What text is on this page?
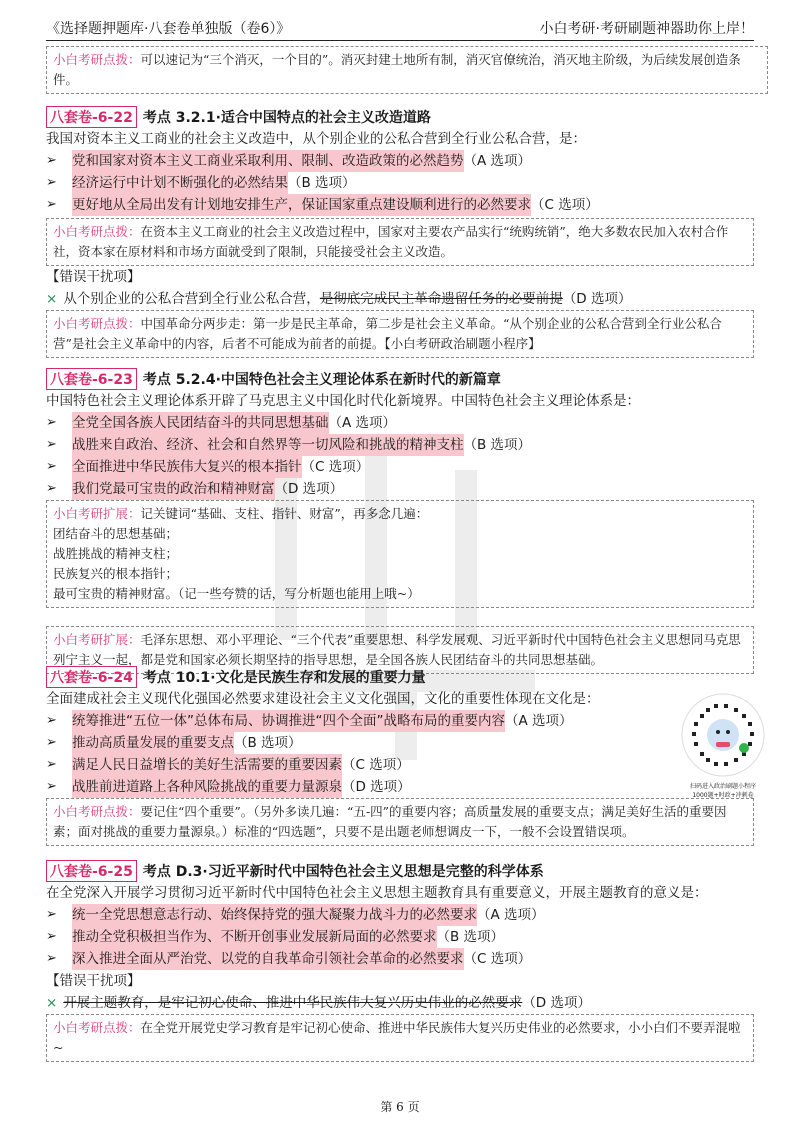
《选择题押题库·八套卷单独版（卷6）》	小白考研·考研刷题神器助你上岸！
小白考研点拨：可以速记为“三个消灭，一个目的”。消灭封建土地所有制，消灭官僚统治，消灭地主阶级，为后续发展创造条件。
八套卷-6-22 考点 3.2.1·适合中国特点的社会主义改造道路
我国对资本主义工商业的社会主义改造中，从个别企业的公私合营到全行业公私合营，是：
➢	党和国家对资本主义工商业采取利用、限制、改造政策的必然趋势 （A 选项）
➢	经济运行中计划不断强化的必然结果 （B 选项）
➢	更好地从全局出发有计划地安排生产，保证国家重点建设顺利进行的必然要求 （C 选项）
小白考研点拨：在资本主义工商业的社会主义改造过程中，国家对主要农产品实行“统购统销”，绝大多数农民加入农村合作社，资本家在原材料和市场方面就受到了限制，只能接受社会主义改造。
【错误干扰项】
× 从个别企业的公私合营到全行业公私合营，是彻底完成民主革命遗留任务的必要前提（D 选项）
小白考研点拨：中国革命分两步走：第一步是民主革命，第二步是社会主义革命。“从个别企业的公私合营到全行业公私合营”是社会主义革命中的内容，后者不可能成为前者的前提。【小白考研政治刷题小程序】
八套卷-6-23 考点 5.2.4·中国特色社会主义理论体系在新时代的新篇章
中国特色社会主义理论体系开辟了马克思主义中国化时代化新境界。中国特色社会主义理论体系是：
➢	全党全国各族人民团结奋斗的共同思想基础 （A 选项）
➢	战胜来自政治、经济、社会和自然界等一切风险和挑战的精神支柱 （B 选项）
➢	全面推进中华民族伟大复兴的根本指针 （C 选项）
➢	我们党最可宝贵的政治和精神财富 （D 选项）
小白考研扩展：记关键词“基础、支柱、指针、财富”，再多念几遍：
团结奋斗的思想基础；
战胜挑战的精神支柱；
民族复兴的根本指针；
最可宝贵的精神财富。（记一些夸赞的话，写分析题也能用上哦~）
小白考研扩展：毛泽东思想、邓小平理论、“三个代表”重要思想、科学发展观、习近平新时代中国特色社会主义思想同马克思列宁主义一起，都是党和国家必须长期坚持的指导思想，是全国各族人民团结奋斗的共同思想基础。
八套卷-6-24 考点 10.1·文化是民族生存和发展的重要力量
全面建成社会主义现代化强国必然要求建设社会主义文化强国，文化的重要性体现在文化是：
➢	统筹推进“五位一体”总体布局、协调推进“四个全面”战略布局的重要内容 （A 选项）
➢	推动高质量发展的重要支点 （B 选项）
➢	满足人民日益增长的美好生活需要的重要因素 （C 选项）
➢	战胜前进道路上各种风险挑战的重要力量源泉 （D 选项）
小白考研点拨：要记住“四个重要”。（另外多读几遍：“五-四”的重要内容；高质量发展的重要支点；满足美好生活的重要因素；面对挑战的重要力量源泉。）标准的“四选题”，只要不是出题老师想调皮一下，一般不会设置错误项。
扫码进入政治刷题小程序
1000题+时政+冲刺卷
八套卷-6-25 考点 D.3·习近平新时代中国特色社会主义思想是完整的科学体系
在全党深入开展学习贯彻习近平新时代中国特色社会主义思想主题教育具有重要意义，开展主题教育的意义是：
➢	统一全党思想意志行动、始终保持党的强大凝聚力战斗力的必然要求 （A 选项）
➢	推动全党积极担当作为、不断开创事业发展新局面的必然要求 （B 选项）
➢	深入推进全面从严治党、以党的自我革命引领社会革命的必然要求 （C 选项）
【错误干扰项】
× 开展主题教育，是牢记初心使命、推进中华民族伟大复兴历史伟业的必然要求（D 选项）
小白考研点拨：在全党开展党史学习教育是牢记初心使命、推进中华民族伟大复兴历史伟业的必然要求，小小白们不要弄混啦~
第 6 页
